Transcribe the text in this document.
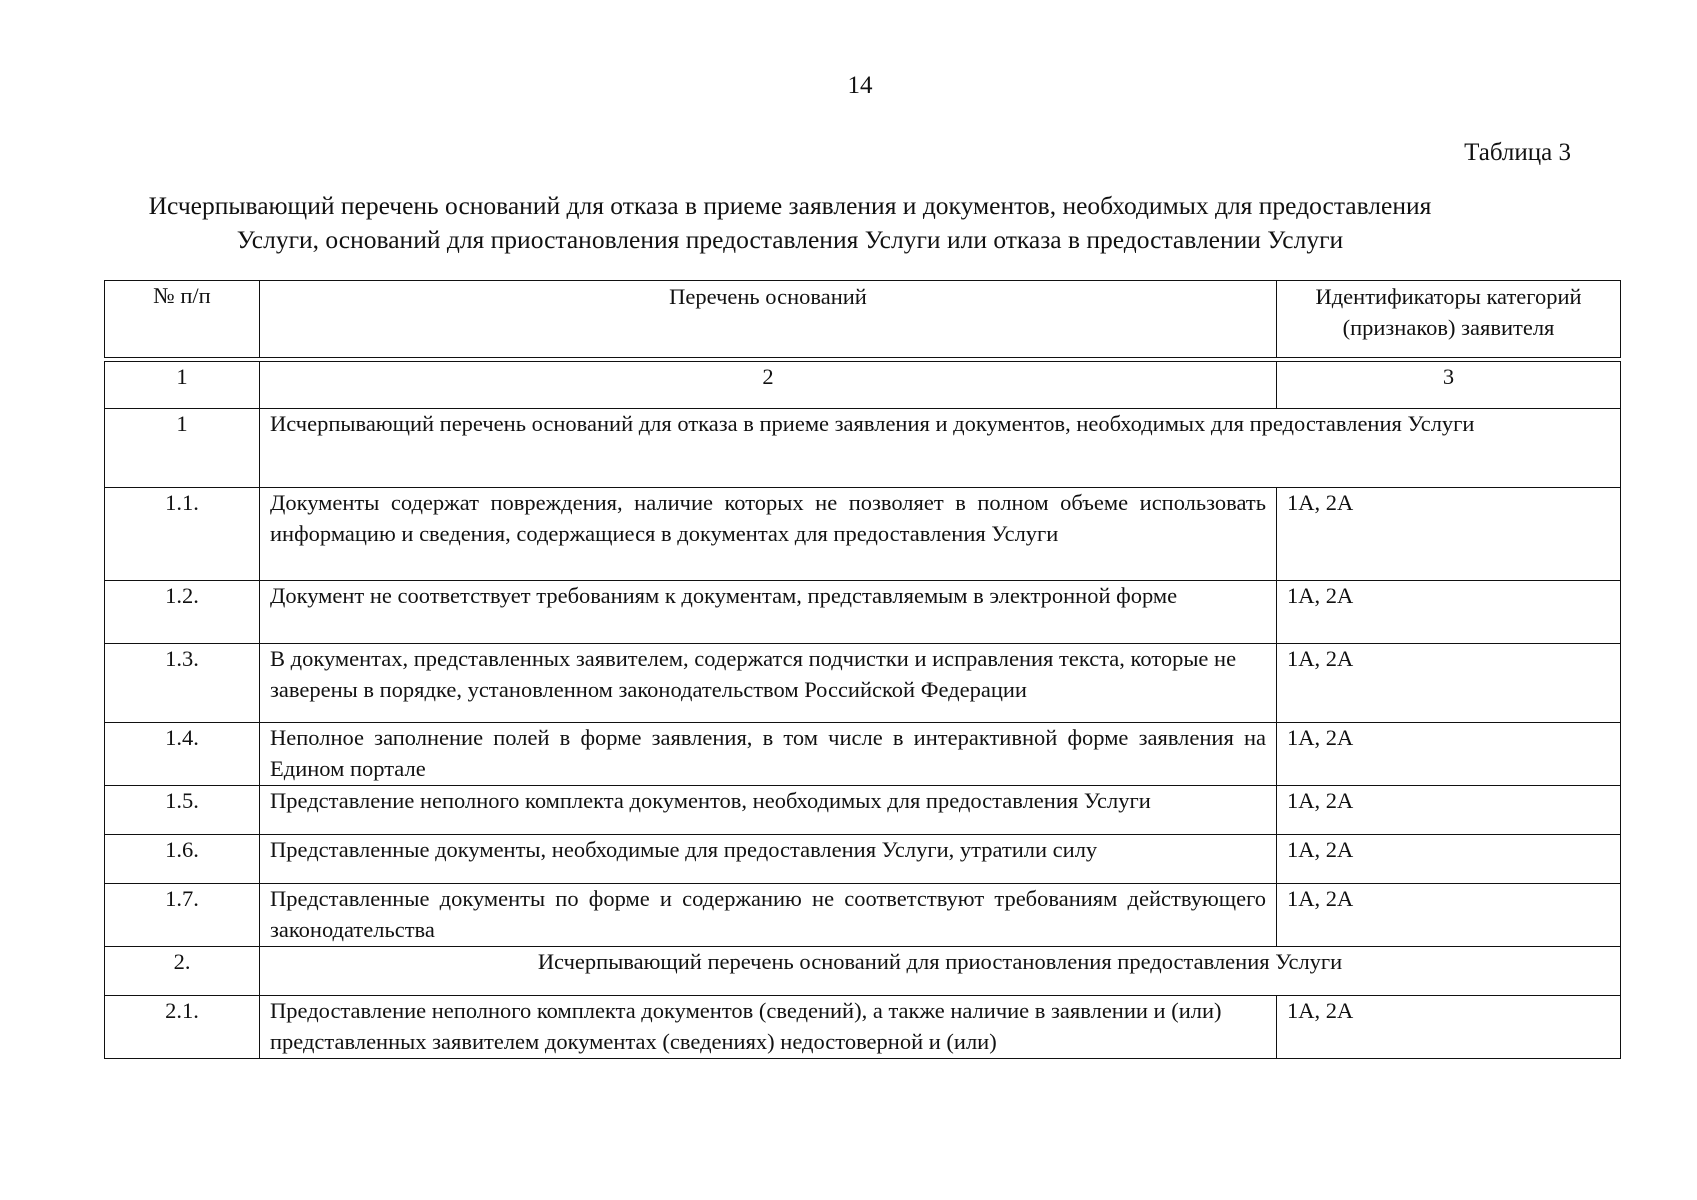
14
Таблица 3
Исчерпывающий перечень оснований для отказа в приеме заявления и документов, необходимых для предоставления
Услуги, оснований для приостановления предоставления Услуги или отказа в предоставлении Услуги
№ п/п	Перечень оснований	Идентификаторы категорий (признаков) заявителя

1	2	3
1	Исчерпывающий перечень оснований для отказа в приеме заявления и документов, необходимых для предоставления Услуги	
1.1.	Документы содержат повреждения, наличие которых не позволяет в полном объеме использовать информацию и сведения, содержащиеся в документах для предоставления Услуги	1А, 2А
1.2.	Документ не соответствует требованиям к документам, представляемым в электронной форме	1А, 2А
1.3.	В документах, представленных заявителем, содержатся подчистки и исправления текста, которые не заверены в порядке, установленном законодательством Российской Федерации	1А, 2А
1.4.	Неполное заполнение полей в форме заявления, в том числе в интерактивной форме заявления на Едином портале	1А, 2А
1.5.	Представление неполного комплекта документов, необходимых для предоставления Услуги	1А, 2А
1.6.	Представленные документы, необходимые для предоставления Услуги, утратили силу	1А, 2А
1.7.	Представленные документы по форме и содержанию не соответствуют требованиям действующего законодательства	1А, 2А
2.	Исчерпывающий перечень оснований для приостановления предоставления Услуги	
2.1.	Предоставление неполного комплекта документов (сведений), а также наличие в заявлении и (или) представленных заявителем документах (сведениях) недостоверной и (или)	1А, 2А
